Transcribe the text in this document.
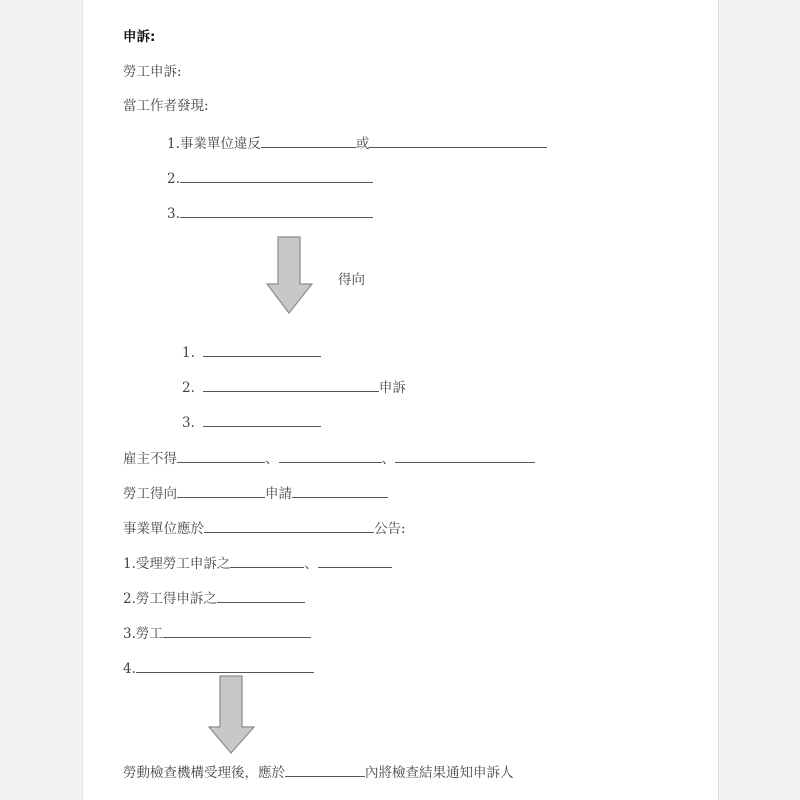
申訴:
勞工申訴:
當工作者發現:
1.事業單位違反	或
2.
3.
得向
1.
2.	申訴
3.
雇主不得	、	、
勞工得向	申請
事業單位應於	公告:
1.受理勞工申訴之	、
2.勞工得申訴之
3.勞工
4.
勞動檢查機構受理後，應於	內將檢查結果通知申訴人
